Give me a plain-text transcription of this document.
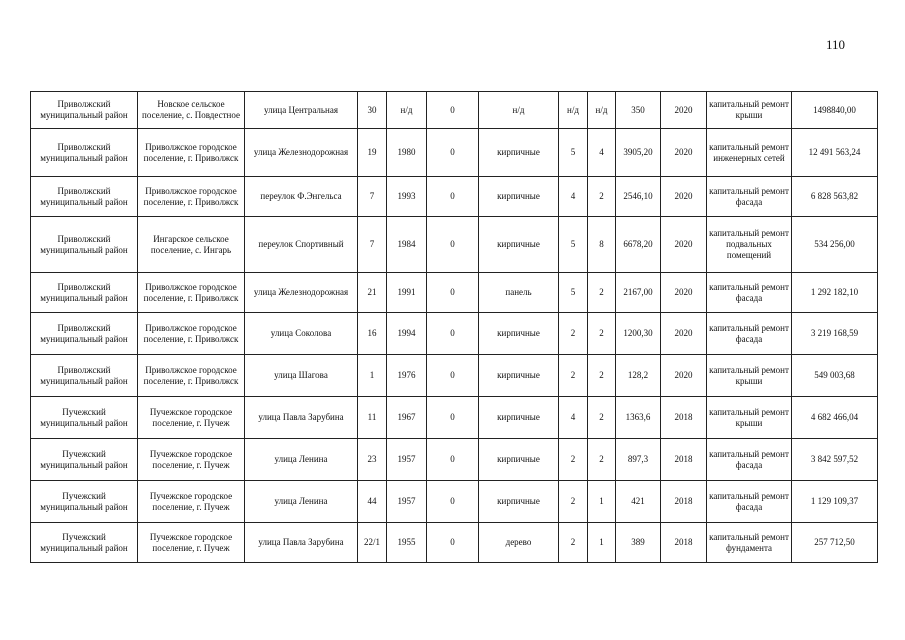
110
Приволжский муниципальный район	Новское сельское поселение, с. Повдестное	улица Центральная	30	н/д	0	н/д	н/д	н/д	350	2020	капитальный ремонт крыши	1498840,00
Приволжский муниципальный район	Приволжское городское поселение, г. Приволжск	улица Железнодорожная	19	1980	0	кирпичные	5	4	3905,20	2020	капитальный ремонт инженерных сетей	12 491 563,24
Приволжский муниципальный район	Приволжское городское поселение, г. Приволжск	переулок Ф.Энгельса	7	1993	0	кирпичные	4	2	2546,10	2020	капитальный ремонт фасада	6 828 563,82
Приволжский муниципальный район	Ингарское сельское поселение, с. Ингарь	переулок Спортивный	7	1984	0	кирпичные	5	8	6678,20	2020	капитальный ремонт подвальных помещений	534 256,00
Приволжский муниципальный район	Приволжское городское поселение, г. Приволжск	улица Железнодорожная	21	1991	0	панель	5	2	2167,00	2020	капитальный ремонт фасада	1 292 182,10
Приволжский муниципальный район	Приволжское городское поселение, г. Приволжск	улица Соколова	16	1994	0	кирпичные	2	2	1200,30	2020	капитальный ремонт фасада	3 219 168,59
Приволжский муниципальный район	Приволжское городское поселение, г. Приволжск	улица Шагова	1	1976	0	кирпичные	2	2	128,2	2020	капитальный ремонт крыши	549 003,68
Пучежский муниципальный район	Пучежское городское поселение, г. Пучеж	улица Павла Зарубина	11	1967	0	кирпичные	4	2	1363,6	2018	капитальный ремонт крыши	4 682 466,04
Пучежский муниципальный район	Пучежское городское поселение, г. Пучеж	улица Ленина	23	1957	0	кирпичные	2	2	897,3	2018	капитальный ремонт фасада	3 842 597,52
Пучежский муниципальный район	Пучежское городское поселение, г. Пучеж	улица Ленина	44	1957	0	кирпичные	2	1	421	2018	капитальный ремонт фасада	1 129 109,37
Пучежский муниципальный район	Пучежское городское поселение, г. Пучеж	улица Павла Зарубина	22/1	1955	0	дерево	2	1	389	2018	капитальный ремонт фундамента	257 712,50
